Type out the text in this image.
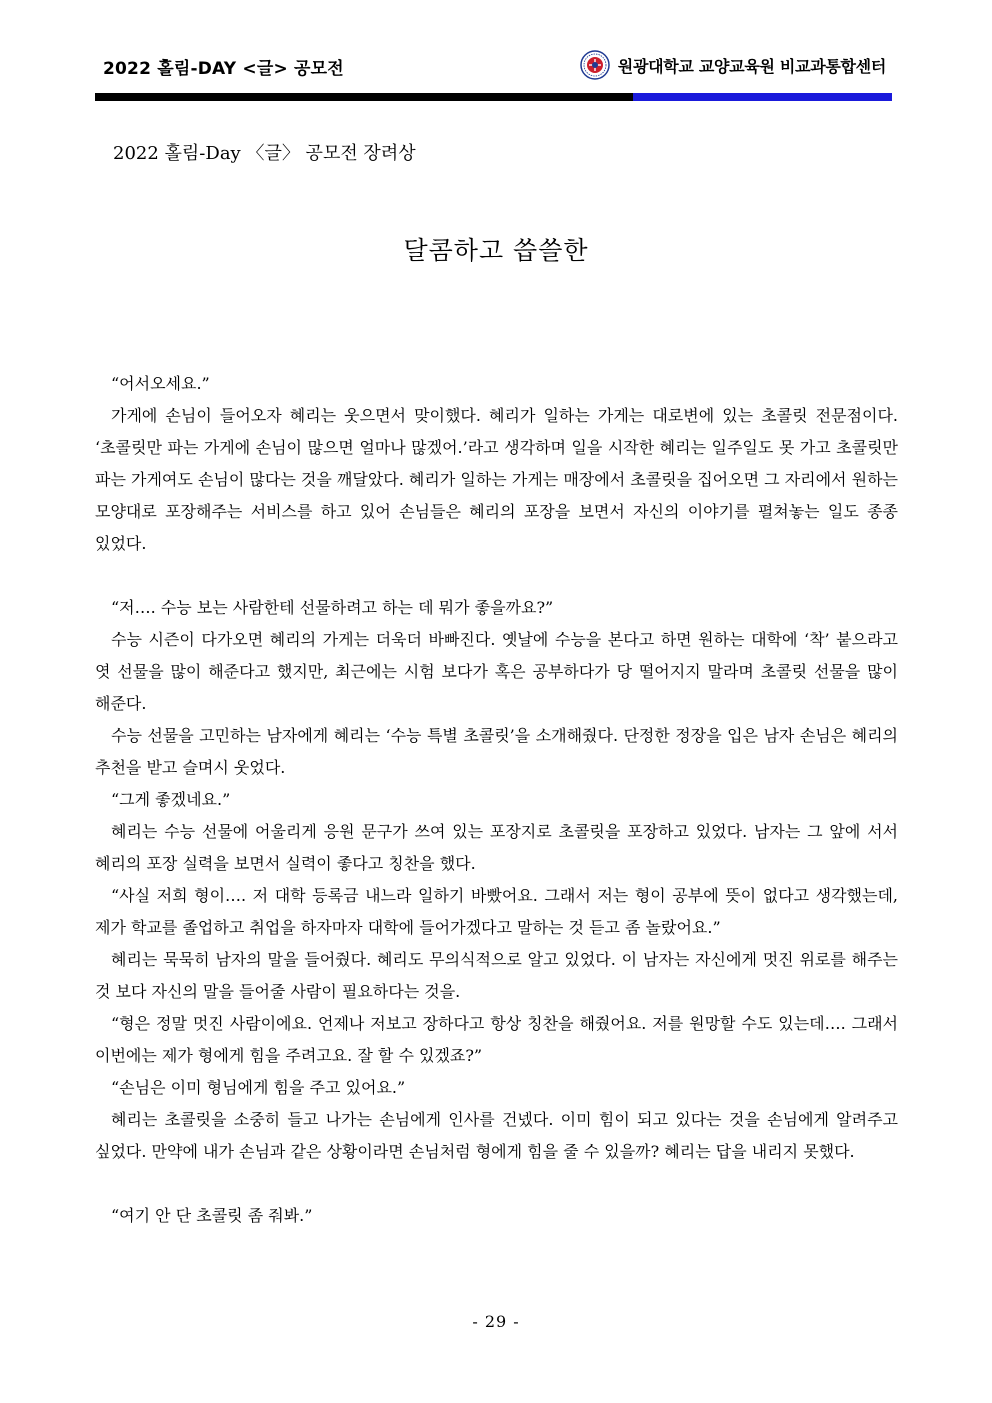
2022 홀림-DAY <글> 공모전	원광대학교 교양교육원 비교과통합센터
2022 홀림-Day 〈글〉 공모전 장려상
달콤하고 씁쓸한

“어서오세요.”

가게에 손님이 들어오자 혜리는 웃으면서 맞이했다. 혜리가 일하는 가게는 대로변에 있는 초콜릿 전문점이다. ‘초콜릿만 파는 가게에 손님이 많으면 얼마나 많겠어.’라고 생각하며 일을 시작한 혜리는 일주일도 못 가고 초콜릿만 파는 가게여도 손님이 많다는 것을 깨달았다. 혜리가 일하는 가게는 매장에서 초콜릿을 집어오면 그 자리에서 원하는 모양대로 포장해주는 서비스를 하고 있어 손님들은 혜리의 포장을 보면서 자신의 이야기를 펼쳐놓는 일도 종종 있었다.

“저…. 수능 보는 사람한테 선물하려고 하는 데 뭐가 좋을까요?”

수능 시즌이 다가오면 혜리의 가게는 더욱더 바빠진다. 옛날에 수능을 본다고 하면 원하는 대학에 ‘착’ 붙으라고 엿 선물을 많이 해준다고 했지만, 최근에는 시험 보다가 혹은 공부하다가 당 떨어지지 말라며 초콜릿 선물을 많이 해준다.

수능 선물을 고민하는 남자에게 혜리는 ‘수능 특별 초콜릿’을 소개해줬다. 단정한 정장을 입은 남자 손님은 혜리의 추천을 받고 슬며시 웃었다.

“그게 좋겠네요.”

혜리는 수능 선물에 어울리게 응원 문구가 쓰여 있는 포장지로 초콜릿을 포장하고 있었다. 남자는 그 앞에 서서 혜리의 포장 실력을 보면서 실력이 좋다고 칭찬을 했다.

“사실 저희 형이…. 저 대학 등록금 내느라 일하기 바빴어요. 그래서 저는 형이 공부에 뜻이 없다고 생각했는데, 제가 학교를 졸업하고 취업을 하자마자 대학에 들어가겠다고 말하는 것 듣고 좀 놀랐어요.”

혜리는 묵묵히 남자의 말을 들어줬다. 혜리도 무의식적으로 알고 있었다. 이 남자는 자신에게 멋진 위로를 해주는 것 보다 자신의 말을 들어줄 사람이 필요하다는 것을.

“형은 정말 멋진 사람이에요. 언제나 저보고 장하다고 항상 칭찬을 해줬어요. 저를 원망할 수도 있는데…. 그래서 이번에는 제가 형에게 힘을 주려고요. 잘 할 수 있겠죠?”

“손님은 이미 형님에게 힘을 주고 있어요.”

혜리는 초콜릿을 소중히 들고 나가는 손님에게 인사를 건넸다. 이미 힘이 되고 있다는 것을 손님에게 알려주고 싶었다. 만약에 내가 손님과 같은 상황이라면 손님처럼 형에게 힘을 줄 수 있을까? 혜리는 답을 내리지 못했다.

“여기 안 단 초콜릿 좀 줘봐.”

- 29 -
